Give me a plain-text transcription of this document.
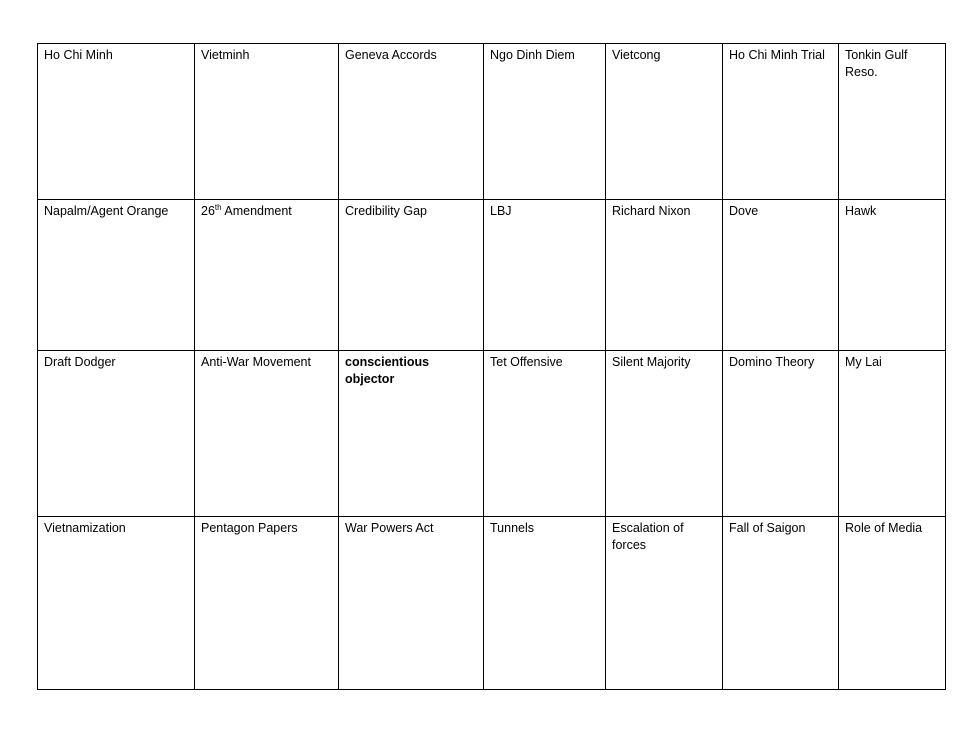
Ho Chi Minh	Vietminh	Geneva Accords	Ngo Dinh Diem	Vietcong	Ho Chi Minh Trial	Tonkin Gulf Reso.
Napalm/Agent Orange	26th Amendment	Credibility Gap	LBJ	Richard Nixon	Dove	Hawk
Draft Dodger	Anti-War Movement	conscientious objector	Tet Offensive	Silent Majority	Domino Theory	My Lai
Vietnamization	Pentagon Papers	War Powers Act	Tunnels	Escalation of forces	Fall of Saigon	Role of Media
